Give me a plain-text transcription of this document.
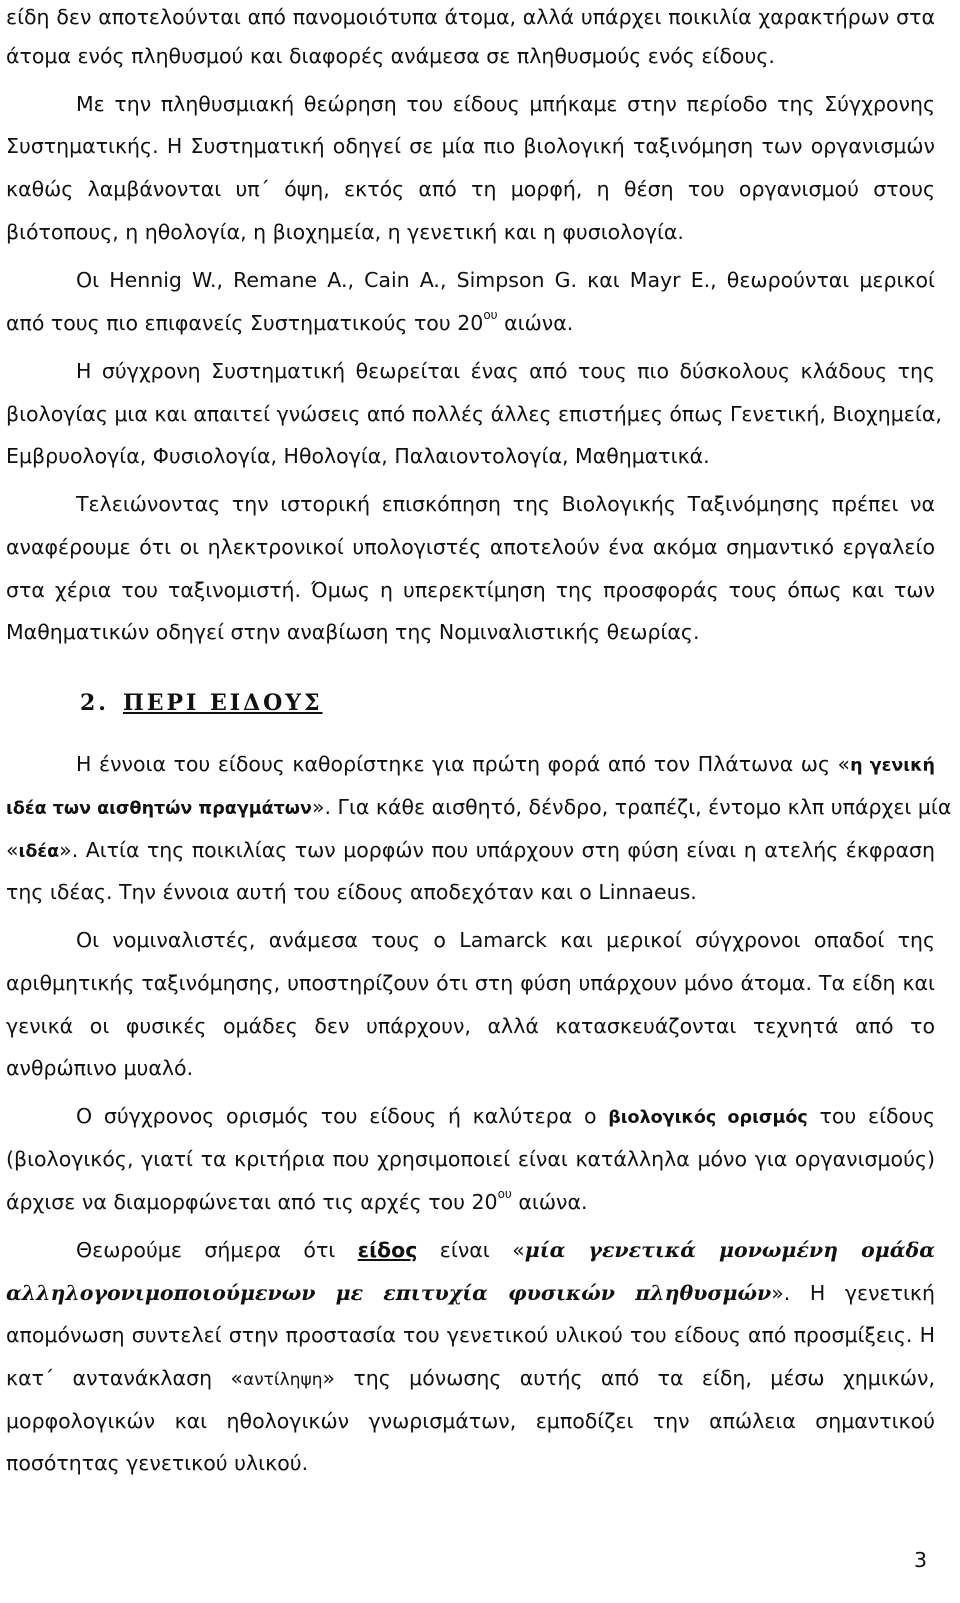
είδη δεν αποτελούνται από πανομοιότυπα άτομα, αλλά υπάρχει ποικιλία χαρακτήρων στα

άτομα ενός πληθυσμού και διαφορές ανάμεσα σε πληθυσμούς ενός είδους.

Με την πληθυσμιακή θεώρηση του είδους μπήκαμε στην περίοδο της Σύγχρονης

Συστηματικής. Η Συστηματική οδηγεί σε μία πιο βιολογική ταξινόμηση των οργανισμών

καθώς λαμβάνονται υπ΄ όψη, εκτός από τη μορφή, η θέση του οργανισμού στους

βιότοπους, η ηθολογία, η βιοχημεία, η γενετική και η φυσιολογία.

Οι Hennig W., Remane A., Cain A., Simpson G. και Mayr E., θεωρούνται μερικοί

από τους πιο επιφανείς Συστηματικούς του $20^{o\upsilon}$ αιώνα.

Η σύγχρονη Συστηματική θεωρείται ένας από τους πιο δύσκολους κλάδους της

βιολογίας μια και απαιτεί γνώσεις από πολλές άλλες επιστήμες όπως Γενετική, Βιοχημεία,

Εμβρυολογία, Φυσιολογία, Ηθολογία, Παλαιοντολογία, Μαθηματικά.

Τελειώνοντας την ιστορική επισκόπηση της Βιολογικής Ταξινόμησης πρέπει να

αναφέρουμε ότι οι ηλεκτρονικοί υπολογιστές αποτελούν ένα ακόμα σημαντικό εργαλείο

στα χέρια του ταξινομιστή. Όμως η υπερεκτίμηση της προσφοράς τους όπως και των

Μαθηματικών οδηγεί στην αναβίωση της Νομιναλιστικής θεωρίας.

2. ΠΕΡΙ ΕΙΔΟΥΣ

Η έννοια του είδους καθορίστηκε για πρώτη φορά από τον Πλάτωνα ως «η γενική

ιδέα των αισθητών πραγμάτων». Για κάθε αισθητό, δένδρο, τραπέζι, έντομο κλπ υπάρχει μία

«ιδέα». Αιτία της ποικιλίας των μορφών που υπάρχουν στη φύση είναι η ατελής έκφραση

της ιδέας. Την έννοια αυτή του είδους αποδεχόταν και ο Linnaeus.

Οι νομιναλιστές, ανάμεσα τους ο Lamarck και μερικοί σύγχρονοι οπαδοί της

αριθμητικής ταξινόμησης, υποστηρίζουν ότι στη φύση υπάρχουν μόνο άτομα. Τα είδη και

γενικά οι φυσικές ομάδες δεν υπάρχουν, αλλά κατασκευάζονται τεχνητά από το

ανθρώπινο μυαλό.

Ο σύγχρονος ορισμός του είδους ή καλύτερα ο βιολογικός ορισμός του είδους

(βιολογικός, γιατί τα κριτήρια που χρησιμοποιεί είναι κατάλληλα μόνο για οργανισμούς)

άρχισε να διαμορφώνεται από τις αρχές του $20^{o\upsilon}$ αιώνα.

Θεωρούμε σήμερα ότι είδος είναι «μία γενετικά μονωμένη ομάδα

αλληλογονιμοποιούμενων με επιτυχία φυσικών πληθυσμών». Η γενετική

απομόνωση συντελεί στην προστασία του γενετικού υλικού του είδους από προσμίξεις. Η

κατ΄ αντανάκλαση «αντίληψη» της μόνωσης αυτής από τα είδη, μέσω χημικών,

μορφολογικών και ηθολογικών γνωρισμάτων, εμποδίζει την απώλεια σημαντικού

ποσότητας γενετικού υλικού.

3
